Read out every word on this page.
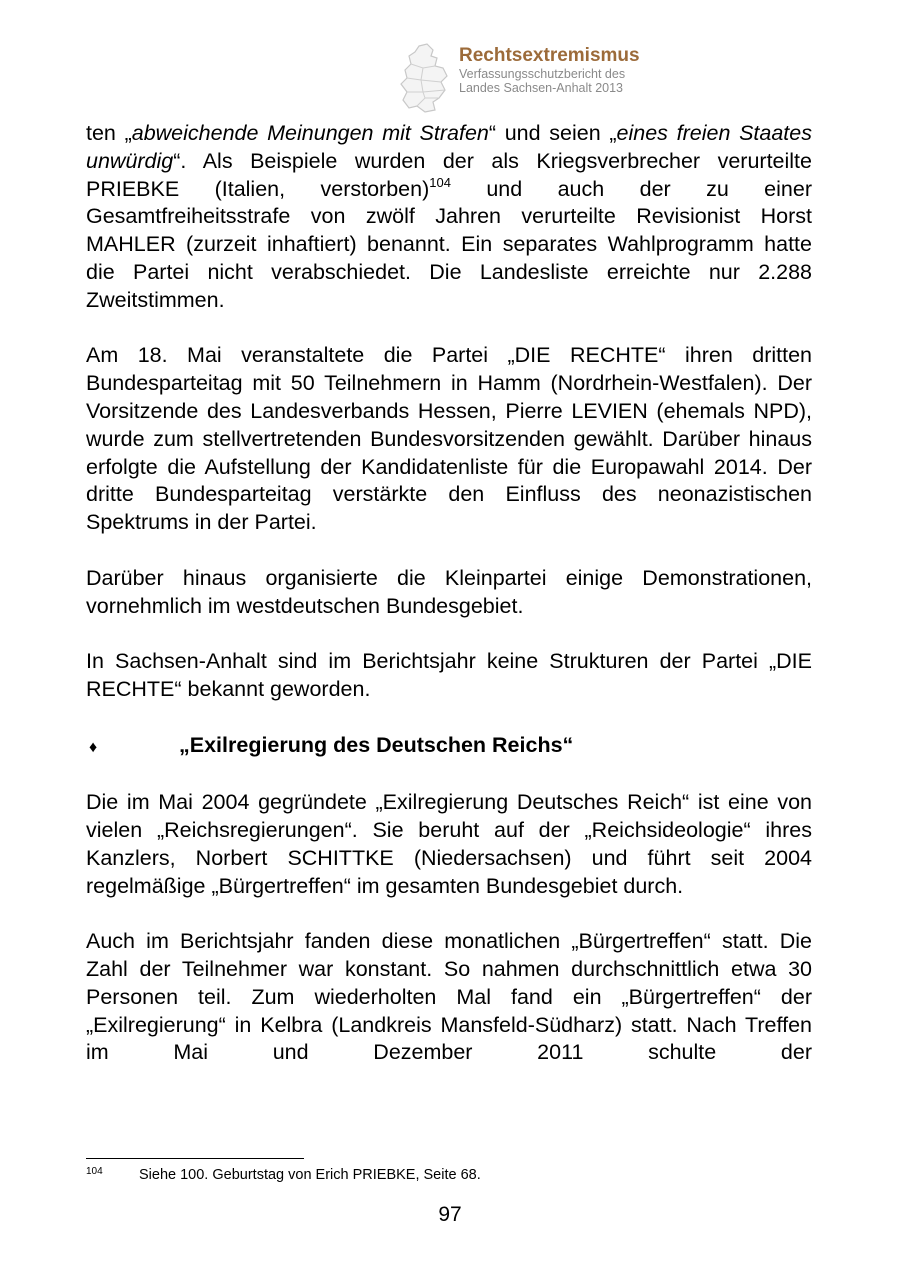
Rechtsextremismus
Verfassungsschutzbericht des
Landes Sachsen-Anhalt 2013

ten „abweichende Meinungen mit Strafen“ und seien „eines freien Staates unwürdig“. Als Beispiele wurden der als Kriegsverbrecher verurteilte PRIEBKE (Italien, verstorben)$^{104}$ und auch der zu einer Gesamtfreiheitsstrafe von zwölf Jahren verurteilte Revisionist Horst MAHLER (zurzeit inhaftiert) benannt. Ein separates Wahlprogramm hatte die Partei nicht verabschiedet. Die Landesliste erreichte nur 2.288 Zweitstimmen.

Am 18. Mai veranstaltete die Partei „DIE RECHTE“ ihren dritten Bundesparteitag mit 50 Teilnehmern in Hamm (Nordrhein-Westfalen). Der Vorsitzende des Landesverbands Hessen, Pierre LEVIEN (ehemals NPD), wurde zum stellvertretenden Bundesvorsitzenden gewählt. Darüber hinaus erfolgte die Aufstellung der Kandidatenliste für die Europawahl 2014. Der dritte Bundesparteitag verstärkte den Einfluss des neonazistischen Spektrums in der Partei.

Darüber hinaus organisierte die Kleinpartei einige Demonstrationen, vornehmlich im westdeutschen Bundesgebiet.

In Sachsen-Anhalt sind im Berichtsjahr keine Strukturen der Partei „DIE RECHTE“ bekannt geworden.

♦	„Exilregierung des Deutschen Reichs“

Die im Mai 2004 gegründete „Exilregierung Deutsches Reich“ ist eine von vielen „Reichsregierungen“. Sie beruht auf der „Reichsideologie“ ihres Kanzlers, Norbert SCHITTKE (Niedersachsen) und führt seit 2004 regelmäßige „Bürgertreffen“ im gesamten Bundesgebiet durch.

Auch im Berichtsjahr fanden diese monatlichen „Bürgertreffen“ statt. Die Zahl der Teilnehmer war konstant. So nahmen durchschnittlich etwa 30 Personen teil. Zum wiederholten Mal fand ein „Bürgertreffen“ der „Exilregierung“ in Kelbra (Landkreis Mansfeld-Südharz) statt. Nach Treffen im Mai und Dezember 2011 schulte der

104	Siehe 100. Geburtstag von Erich PRIEBKE, Seite 68.
97
